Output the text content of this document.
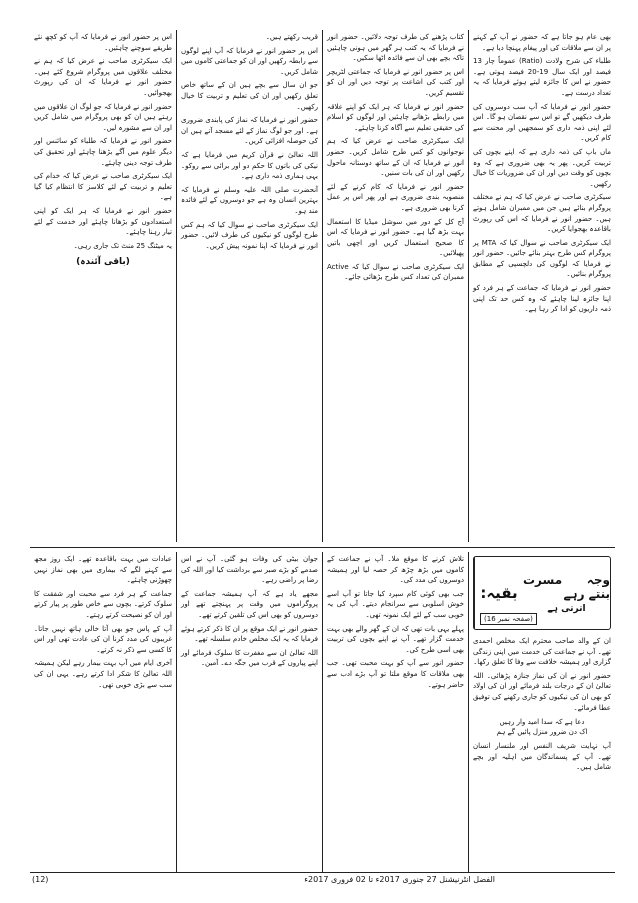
اس پر حضور انور نے فرمایا کہ آپ کو کچھ نئے طریقے سوچنے چاہئیں۔

ایک سیکرٹری صاحب نے عرض کیا کہ ہم نے مختلف علاقوں میں پروگرام شروع کئے ہیں۔ حضور انور نے فرمایا کہ ان کی رپورٹ بھجوائیں۔

حضور انور نے فرمایا کہ جو لوگ ان علاقوں میں رہتے ہیں ان کو بھی پروگرام میں شامل کریں اور ان سے مشورہ لیں۔

حضور انور نے فرمایا کہ طلباء کو سائنس اور دیگر علوم میں آگے بڑھنا چاہئے اور تحقیق کی طرف توجہ دینی چاہئے۔

ایک سیکرٹری صاحب نے عرض کیا کہ خدام کی تعلیم و تربیت کے لئے کلاسز کا انتظام کیا گیا ہے۔

حضور انور نے فرمایا کہ ہر ایک کو اپنی استعدادوں کو بڑھانا چاہئے اور خدمت کے لئے تیار رہنا چاہئے۔

یہ میٹنگ 25 منٹ تک جاری رہی۔

(باقی آئندہ)

قریب رکھتے ہیں۔

اس پر حضور انور نے فرمایا کہ آپ اپنے لوگوں سے رابطہ رکھیں اور ان کو جماعتی کاموں میں شامل کریں۔

جو ان سال سے بچے ہیں ان کے ساتھ خاص تعلق رکھیں اور ان کی تعلیم و تربیت کا خیال رکھیں۔

حضور انور نے فرمایا کہ نماز کی پابندی ضروری ہے۔ اور جو لوگ نماز کے لئے مسجد آتے ہیں ان کی حوصلہ افزائی کریں۔

اللہ تعالیٰ نے قرآن کریم میں فرمایا ہے کہ نیکی کی باتوں کا حکم دو اور برائی سے روکو۔ یہی ہماری ذمہ داری ہے۔

آنحضرت صلی اللہ علیہ وسلم نے فرمایا کہ بہترین انسان وہ ہے جو دوسروں کے لئے فائدہ مند ہو۔

ایک سیکرٹری صاحب نے سوال کیا کہ ہم کس طرح لوگوں کو نیکیوں کی طرف لائیں۔ حضور انور نے فرمایا کہ اپنا نمونہ پیش کریں۔

کتاب پڑھنے کی طرف توجہ دلائیں۔ حضور انور نے فرمایا کہ یہ کتب ہر گھر میں ہونی چاہئیں تاکہ بچے بھی ان سے فائدہ اٹھا سکیں۔

اس پر حضور انور نے فرمایا کہ جماعتی لٹریچر اور کتب کی اشاعت پر توجہ دیں اور ان کو تقسیم کریں۔

حضور انور نے فرمایا کہ ہر ایک کو اپنے علاقہ میں رابطے بڑھانے چاہئیں اور لوگوں کو اسلام کی حقیقی تعلیم سے آگاہ کرنا چاہئے۔

ایک سیکرٹری صاحب نے عرض کیا کہ ہم نوجوانوں کو کس طرح شامل کریں۔ حضور انور نے فرمایا کہ ان کے ساتھ دوستانہ ماحول رکھیں اور ان کی بات سنیں۔

حضور انور نے فرمایا کہ کام کرنے کے لئے منصوبہ بندی ضروری ہے اور پھر اس پر عمل کرنا بھی ضروری ہے۔

آج کل کے دور میں سوشل میڈیا کا استعمال بہت بڑھ گیا ہے۔ حضور انور نے فرمایا کہ اس کا صحیح استعمال کریں اور اچھی باتیں پھیلائیں۔

ایک سیکرٹری صاحب نے سوال کیا کہ Active ممبران کی تعداد کس طرح بڑھائی جائے۔

بھی عام ہو جاتا ہے کہ حضور نے آپ کے کہنے پر ان سے ملاقات کی اور پیغام پہنچا دیا ہے۔

طلباء کی شرح ولادت (Ratio) عموماً چار 13 فیصد اور ایک سال 19-20 فیصد ہوتی ہے۔ حضور نے اس کا جائزہ لیتے ہوئے فرمایا کہ یہ تعداد درست ہے۔

حضور انور نے فرمایا کہ آپ سب دوسروں کی طرف دیکھیں گے تو اس سے نقصان ہو گا۔ اس لئے اپنی ذمہ داری کو سمجھیں اور محنت سے کام کریں۔

ماں باپ کی ذمہ داری ہے کہ اپنے بچوں کی تربیت کریں۔ پھر یہ بھی ضروری ہے کہ وہ بچوں کو وقت دیں اور ان کی ضروریات کا خیال رکھیں۔

سیکرٹری صاحب نے عرض کیا کہ ہم نے مختلف پروگرام بنائے ہیں جن میں ممبران شامل ہوتے ہیں۔ حضور انور نے فرمایا کہ اس کی رپورٹ باقاعدہ بھجوایا کریں۔

ایک سیکرٹری صاحب نے سوال کیا کہ MTA پر پروگرام کس طرح بہتر بنائے جائیں۔ حضور انور نے فرمایا کہ لوگوں کی دلچسپی کے مطابق پروگرام بنائیں۔

حضور انور نے فرمایا کہ جماعت کے ہر فرد کو اپنا جائزہ لینا چاہئے کہ وہ کس حد تک اپنی ذمہ داریوں کو ادا کر رہا ہے۔

عبادات میں بہت باقاعدہ تھے۔ ایک روز مجھ سے کہنے لگے کہ بیماری میں بھی نماز نہیں چھوڑنی چاہئے۔

جماعت کے ہر فرد سے محبت اور شفقت کا سلوک کرتے۔ بچوں سے خاص طور پر پیار کرتے اور ان کو نصیحت کرتے رہتے۔

آپ کے پاس جو بھی آتا خالی ہاتھ نہیں جاتا۔ غریبوں کی مدد کرنا ان کی عادت تھی اور اس کا کسی سے ذکر نہ کرتے۔

آخری ایام میں آپ بہت بیمار رہے لیکن ہمیشہ اللہ تعالیٰ کا شکر ادا کرتے رہے۔ یہی ان کی سب سے بڑی خوبی تھی۔

جوان بیٹی کی وفات ہو گئی۔ آپ نے اس صدمے کو بڑے صبر سے برداشت کیا اور اللہ کی رضا پر راضی رہے۔

مجھے یاد ہے کہ آپ ہمیشہ جماعت کے پروگراموں میں وقت پر پہنچتے تھے اور دوسروں کو بھی اس کی تلقین کرتے تھے۔

حضور انور نے ایک موقع پر ان کا ذکر کرتے ہوئے فرمایا کہ یہ ایک مخلص خادم سلسلہ تھے۔

اللہ تعالیٰ ان سے مغفرت کا سلوک فرمائے اور اپنے پیاروں کے قرب میں جگہ دے۔ آمین۔

تلاش کرنے کا موقع ملا۔ آپ نے جماعت کے کاموں میں بڑھ چڑھ کر حصہ لیا اور ہمیشہ دوسروں کی مدد کی۔

جب بھی کوئی کام سپرد کیا جاتا تو آپ اسے خوش اسلوبی سے سرانجام دیتے۔ آپ کی یہ خوبی سب کے لئے ایک نمونہ تھی۔

پہلے یہی بات تھی کہ ان کے گھر والے بھی بہت خدمت گزار تھے۔ آپ نے اپنے بچوں کی تربیت بھی اسی طرح کی۔

حضور انور سے آپ کو بہت محبت تھی۔ جب بھی ملاقات کا موقع ملتا تو آپ بڑے ادب سے حاضر ہوتے۔

بقیہ:
وجہ مسرت بنتے رہے
اترتی ہے
(صفحہ نمبر 16)

ان کے والد صاحب محترم ایک مخلص احمدی تھے۔ آپ نے جماعت کی خدمت میں اپنی زندگی گزاری اور ہمیشہ خلافت سے وفا کا تعلق رکھا۔

حضور انور نے ان کی نماز جنازہ پڑھائی۔ اللہ تعالیٰ ان کے درجات بلند فرمائے اور ان کی اولاد کو بھی ان کی نیکیوں کو جاری رکھنے کی توفیق عطا فرمائے۔

دعا ہے کہ سدا امید وار رہیں

اک دن ضرور منزل پائیں گے ہم

آپ نہایت شریف النفس اور ملنسار انسان تھے۔ آپ کے پسماندگان میں اہلیہ اور بچے شامل ہیں۔

(12)	الفضل انٹرنیشنل 27 جنوری 2017ء تا 02 فروری 2017ء
